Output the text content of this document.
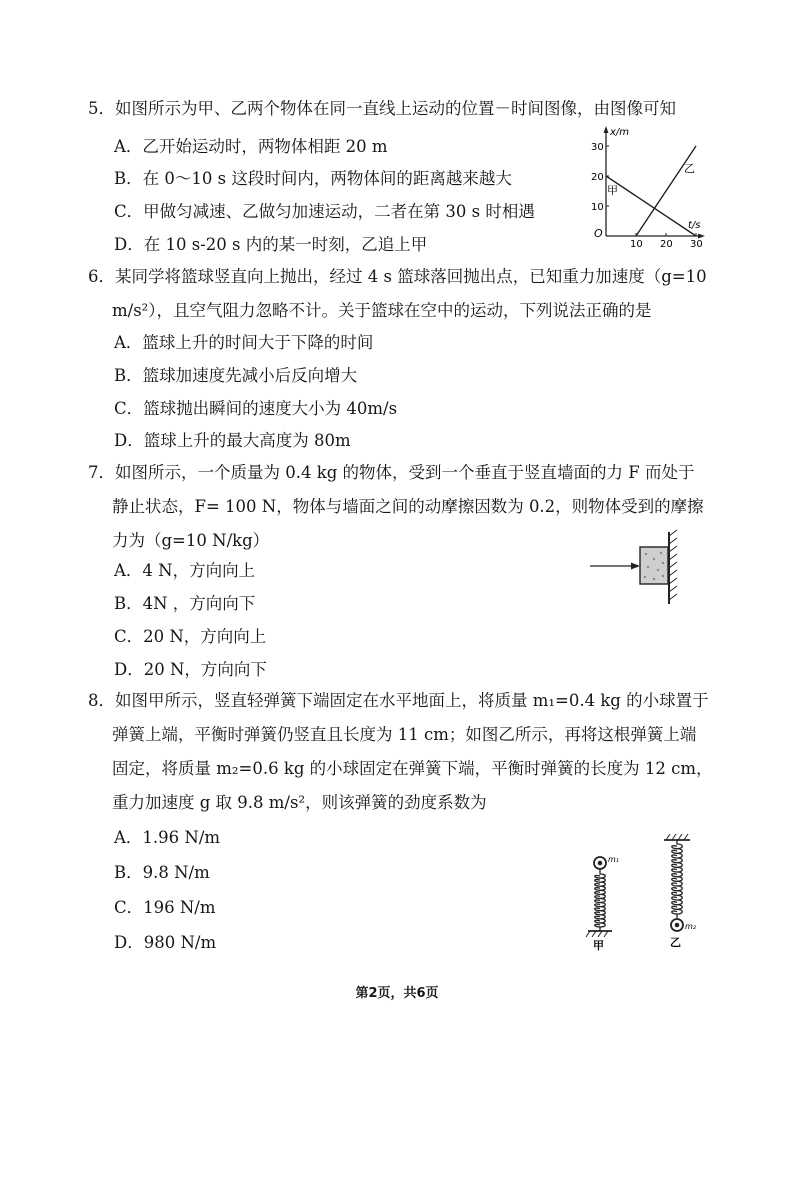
5．如图所示为甲、乙两个物体在同一直线上运动的位置－时间图像，由图像可知
A．乙开始运动时，两物体相距 20 m
B．在 0～10 s 这段时间内，两物体间的距离越来越大
C．甲做匀减速、乙做匀加速运动，二者在第 30 s 时相遇
D．在 10 s-20 s 内的某一时刻，乙追上甲
x/m
t/s
O
10 20 30
10
20
30
甲
乙
6．某同学将篮球竖直向上抛出，经过 4 s 篮球落回抛出点，已知重力加速度（g=10
m/s²），且空气阻力忽略不计。关于篮球在空中的运动，下列说法正确的是
A．篮球上升的时间大于下降的时间
B．篮球加速度先减小后反向增大
C．篮球抛出瞬间的速度大小为 40m/s
D．篮球上升的最大高度为 80m
7．如图所示，一个质量为 0.4 kg 的物体，受到一个垂直于竖直墙面的力 F 而处于
静止状态，F= 100 N，物体与墙面之间的动摩擦因数为 0.2，则物体受到的摩擦
力为（g=10 N/kg）
A．4 N，方向向上
B．4N ，方向向下
C．20 N，方向向上
D．20 N，方向向下
8．如图甲所示，竖直轻弹簧下端固定在水平地面上，将质量 m₁=0.4 kg 的小球置于
弹簧上端，平衡时弹簧仍竖直且长度为 11 cm；如图乙所示，再将这根弹簧上端
固定，将质量 m₂=0.6 kg 的小球固定在弹簧下端，平衡时弹簧的长度为 12 cm，
重力加速度 g 取 9.8 m/s²，则该弹簧的劲度系数为
A．1.96 N/m
B．9.8 N/m
C．196 N/m
D．980 N/m
m₁
甲
m₂
乙
第2页，共6页
